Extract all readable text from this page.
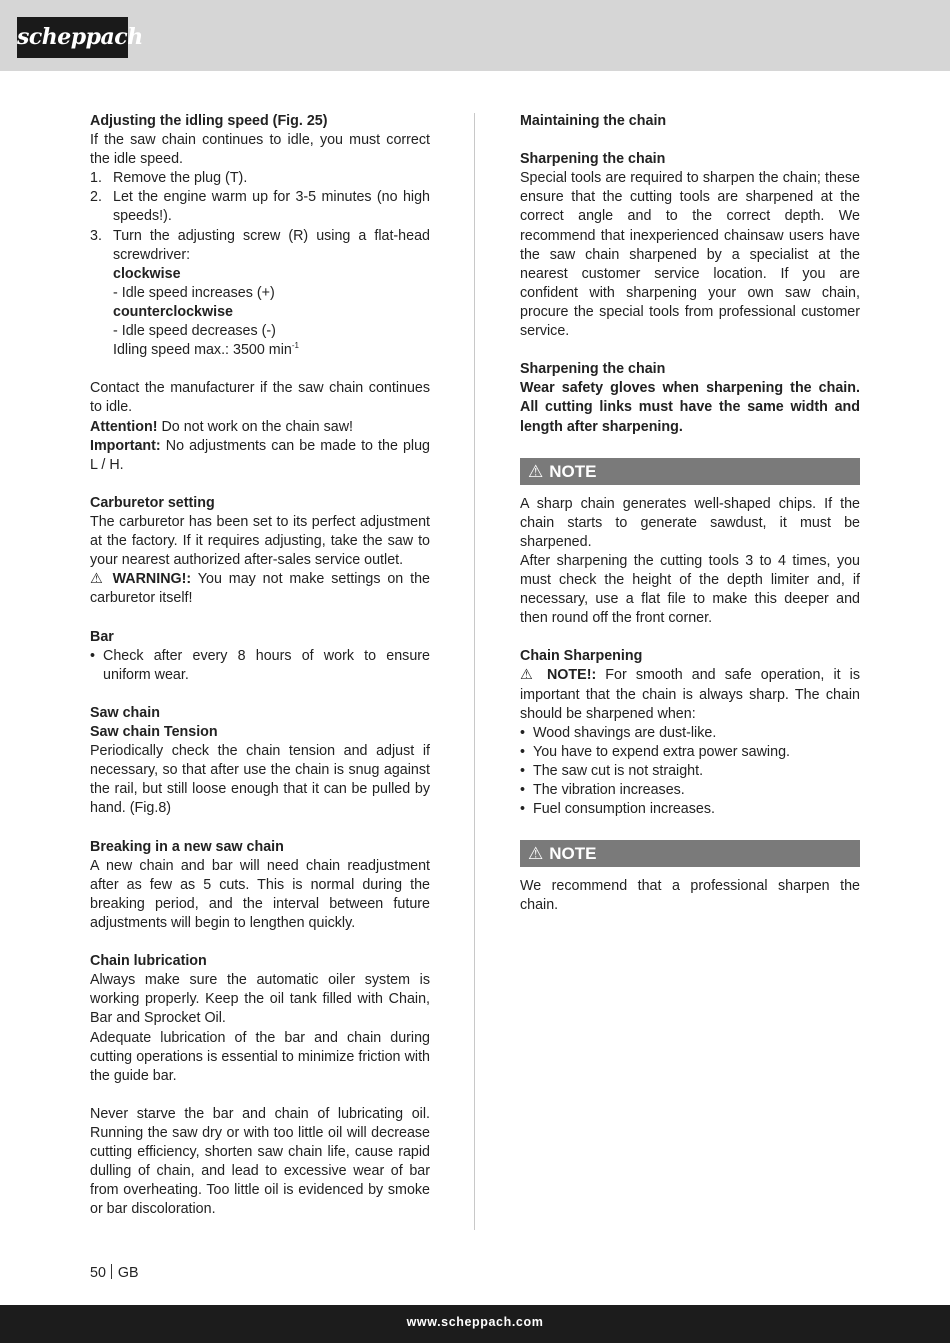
scheppach
Adjusting the idling speed (Fig. 25)
If the saw chain continues to idle, you must correct the idle speed.
1. Remove the plug (T).
2. Let the engine warm up for 3-5 minutes (no high speeds!).
3. Turn the adjusting screw (R) using a flat-head screwdriver:
clockwise
- Idle speed increases (+)
counterclockwise
- Idle speed decreases (-)
Idling speed max.: 3500 $\min^{-1}$
Contact the manufacturer if the saw chain continues to idle.
Attention! Do not work on the chain saw!
Important: No adjustments can be made to the plug L / H.
Carburetor setting
The carburetor has been set to its perfect adjustment at the factory. If it requires adjusting, take the saw to your nearest authorized after-sales service outlet.
⚠︎ WARNING!: You may not make settings on the carburetor itself!
Bar
• Check after every 8 hours of work to ensure uniform wear.
Saw chain
Saw chain Tension
Periodically check the chain tension and adjust if necessary, so that after use the chain is snug against the rail, but still loose enough that it can be pulled by hand. (Fig.8)
Breaking in a new saw chain
A new chain and bar will need chain readjustment after as few as 5 cuts. This is normal during the breaking period, and the interval between future adjustments will begin to lengthen quickly.
Chain lubrication
Always make sure the automatic oiler system is working properly. Keep the oil tank filled with Chain, Bar and Sprocket Oil.
Adequate lubrication of the bar and chain during cutting operations is essential to minimize friction with the guide bar.
Never starve the bar and chain of lubricating oil. Running the saw dry or with too little oil will decrease cutting efficiency, shorten saw chain life, cause rapid dulling of chain, and lead to excessive wear of bar from overheating. Too little oil is evidenced by smoke or bar discoloration.
Maintaining the chain
Sharpening the chain
Special tools are required to sharpen the chain; these ensure that the cutting tools are sharpened at the correct angle and to the correct depth. We recommend that inexperienced chainsaw users have the saw chain sharpened by a specialist at the nearest customer service location. If you are confident with sharpening your own saw chain, procure the special tools from professional customer service.
Sharpening the chain
Wear safety gloves when sharpening the chain. All cutting links must have the same width and length after sharpening.
⚠︎ NOTE
A sharp chain generates well-shaped chips. If the chain starts to generate sawdust, it must be sharpened.
After sharpening the cutting tools 3 to 4 times, you must check the height of the depth limiter and, if necessary, use a flat file to make this deeper and then round off the front corner.
Chain Sharpening
⚠︎ NOTE!: For smooth and safe operation, it is important that the chain is always sharp. The chain should be sharpened when:
• Wood shavings are dust-like.
• You have to expend extra power sawing.
• The saw cut is not straight.
• The vibration increases.
• Fuel consumption increases.
⚠︎ NOTE
We recommend that a professional sharpen the chain.
50 GB
www.scheppach.com
